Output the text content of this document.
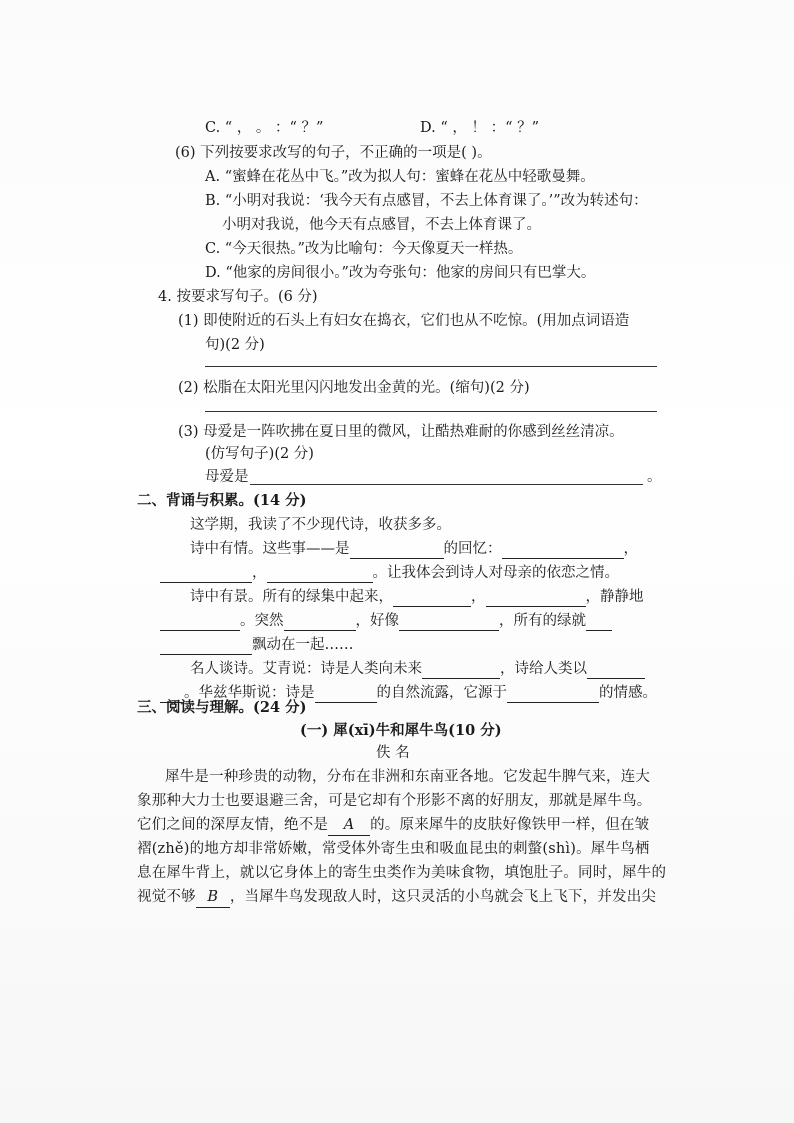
C. “ ， 。 ：“ ？”	D. “ ， ！ ：“ ？”
(6) 下列按要求改写的句子，不正确的一项是( )。
A. “蜜蜂在花丛中飞。”改为拟人句：蜜蜂在花丛中轻歌曼舞。
B. “小明对我说：‘我今天有点感冒，不去上体育课了。’”改为转述句：
小明对我说，他今天有点感冒，不去上体育课了。
C. “今天很热。”改为比喻句：今天像夏天一样热。
D. “他家的房间很小。”改为夸张句：他家的房间只有巴掌大。
4. 按要求写句子。(6 分)
(1) 即使附近的石头上有妇女在捣衣，它们也从不吃惊。(用加点词语造
句)(2 分)
(2) 松脂在太阳光里闪闪地发出金黄的光。(缩句)(2 分)
(3) 母爱是一阵吹拂在夏日里的微风，让酷热难耐的你感到丝丝清凉。
(仿写句子)(2 分)
母爱是	。
二、背诵与积累。(14 分)
这学期，我读了不少现代诗，收获多多。
诗中有情。这些事——是	的回忆：	，
，	。让我体会到诗人对母亲的依恋之情。
诗中有景。所有的绿集中起来，	，	，静静地
。突然	，好像	，所有的绿就
飘动在一起……
名人谈诗。艾青说：诗是人类向未来	，诗给人类以
。华兹华斯说：诗是	的自然流露，它源于	的情感。
三、阅读与理解。(24 分)
(一) 犀(xī)牛和犀牛鸟(10 分)
佚 名
犀牛是一种珍贵的动物，分布在非洲和东南亚各地。它发起牛脾气来，连大
象那种大力士也要退避三舍，可是它却有个形影不离的好朋友，那就是犀牛鸟。
它们之间的深厚友情，绝不是 A 的。原来犀牛的皮肤好像铁甲一样，但在皱
褶(zhě)的地方却非常娇嫩，常受体外寄生虫和吸血昆虫的刺螫(shì)。犀牛鸟栖
息在犀牛背上，就以它身体上的寄生虫类作为美味食物，填饱肚子。同时，犀牛的
视觉不够 B ，当犀牛鸟发现敌人时，这只灵活的小鸟就会飞上飞下，并发出尖
